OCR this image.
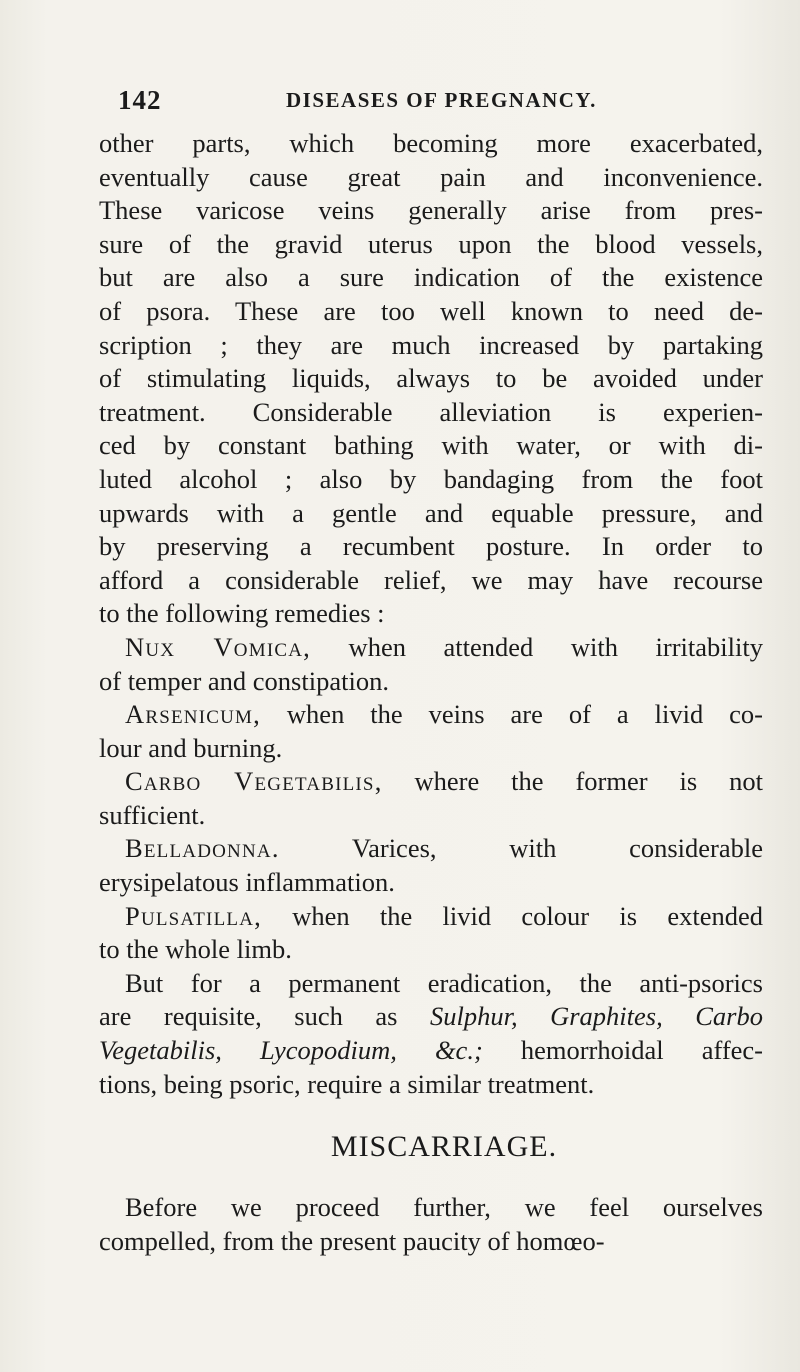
142	DISEASES OF PREGNANCY.
other parts, which becoming more exacerbated,
eventually cause great pain and inconvenience.
These varicose veins generally arise from pres-
sure of the gravid uterus upon the blood vessels,
but are also a sure indication of the existence
of psora. These are too well known to need de-
scription ; they are much increased by partaking
of stimulating liquids, always to be avoided under
treatment. Considerable alleviation is experien-
ced by constant bathing with water, or with di-
luted alcohol ; also by bandaging from the foot
upwards with a gentle and equable pressure, and
by preserving a recumbent posture. In order to
afford a considerable relief, we may have recourse
to the following remedies :
Nux Vomica, when attended with irritability
of temper and constipation.
Arsenicum, when the veins are of a livid co-
lour and burning.
Carbo Vegetabilis, where the former is not
sufficient.
Belladonna. Varices, with considerable
erysipelatous inflammation.
Pulsatilla, when the livid colour is extended
to the whole limb.
But for a permanent eradication, the anti-psorics
are requisite, such as Sulphur, Graphites, Carbo
Vegetabilis, Lycopodium, &c.; hemorrhoidal affec-
tions, being psoric, require a similar treatment.
MISCARRIAGE.
Before we proceed further, we feel ourselves
compelled, from the present paucity of homœo-
